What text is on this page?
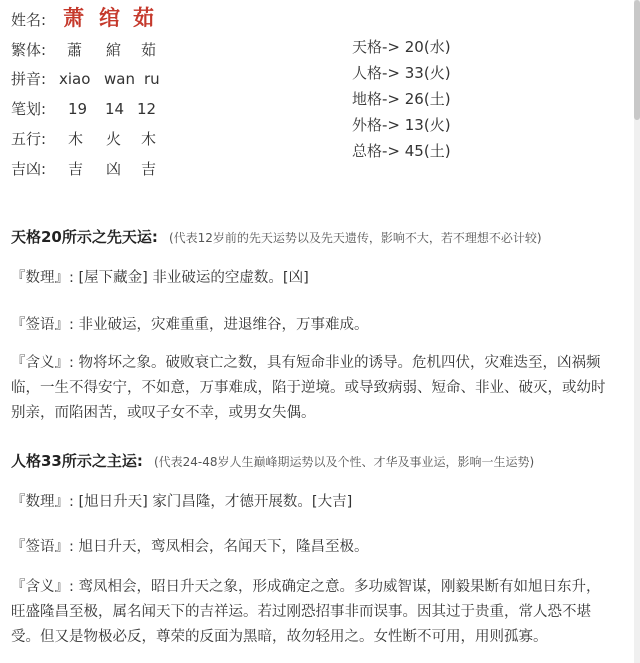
姓名: 萧 绾 茹
繁体: 蕭 綰 茹
拼音: xiao wan ru
笔划: 19 14 12
五行: 木 火 木
吉凶: 吉 凶 吉
天格-> 20(水)
人格-> 33(火)
地格-> 26(土)
外格-> 13(火)
总格-> 45(土)
天格20所示之先天运: (代表12岁前的先天运势以及先天遗传，影响不大，若不理想不必计较)
『数理』: [屋下藏金] 非业破运的空虚数。[凶]
『签语』: 非业破运，灾难重重，进退维谷，万事难成。
『含义』: 物将坏之象。破败衰亡之数，具有短命非业的诱导。危机四伏，灾难迭至，凶祸频临，一生不得安宁，不如意，万事难成，陷于逆境。或导致病弱、短命、非业、破灭，或幼时别亲，而陷困苦，或叹子女不幸，或男女失偶。
人格33所示之主运: (代表24-48岁人生巅峰期运势以及个性、才华及事业运，影响一生运势)
『数理』: [旭日升天] 家门昌隆，才德开展数。[大吉]
『签语』: 旭日升天，鸾凤相会，名闻天下，隆昌至极。
『含义』: 鸾凤相会，昭日升天之象，形成确定之意。多功威智谋，刚毅果断有如旭日东升，旺盛隆昌至极，属名闻天下的吉祥运。若过刚恐招事非而误事。因其过于贵重，常人恐不堪受。但又是物极必反，尊荣的反面为黑暗，故勿轻用之。女性断不可用，用则孤寡。
